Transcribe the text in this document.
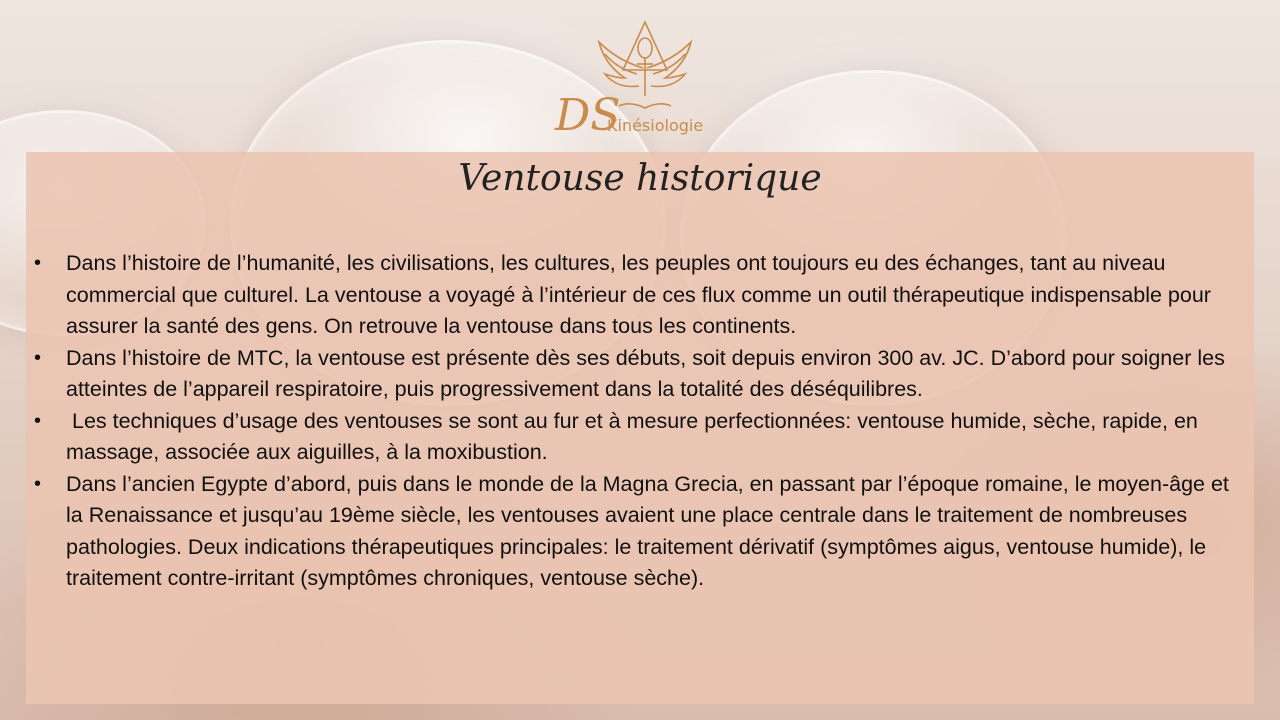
DS
Kinésiologie
Ventouse historique
• Dans l’histoire de l’humanité, les civilisations, les cultures, les peuples ont toujours eu des échanges, tant au niveau commercial que culturel. La ventouse a voyagé à l’intérieur de ces flux comme un outil thérapeutique indispensable pour assurer la santé des gens. On retrouve la ventouse dans tous les continents.
• Dans l’histoire de MTC, la ventouse est présente dès ses débuts, soit depuis environ 300 av. JC. D’abord pour soigner les atteintes de l’appareil respiratoire, puis progressivement dans la totalité des déséquilibres.
• Les techniques d’usage des ventouses se sont au fur et à mesure perfectionnées: ventouse humide, sèche, rapide, en massage, associée aux aiguilles, à la moxibustion.
• Dans l’ancien Egypte d’abord, puis dans le monde de la Magna Grecia, en passant par l’époque romaine, le moyen-âge et la Renaissance et jusqu’au 19ème siècle, les ventouses avaient une place centrale dans le traitement de nombreuses pathologies. Deux indications thérapeutiques principales: le traitement dérivatif (symptômes aigus, ventouse humide), le traitement contre-irritant (symptômes chroniques, ventouse sèche).
